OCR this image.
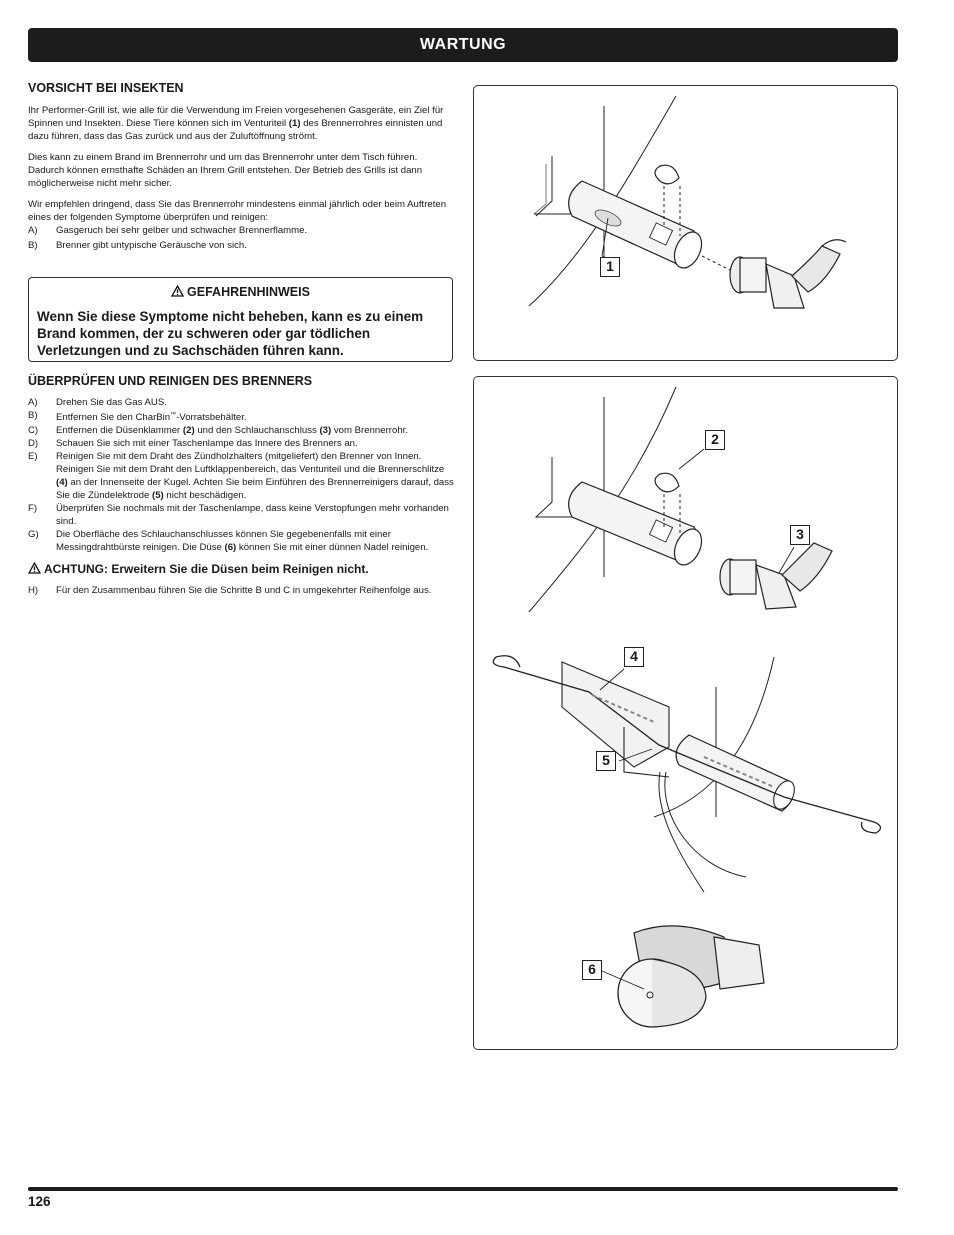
WARTUNG
VORSICHT BEI INSEKTEN

Ihr Performer-Grill ist, wie alle für die Verwendung im Freien vorgesehenen Gasgeräte, ein Ziel für Spinnen und Insekten. Diese Tiere können sich im Venturiteil (1) des Brennerrohres einnisten und dazu führen, dass das Gas zurück und aus der Zuluftöffnung strömt.

Dies kann zu einem Brand im Brennerrohr und um das Brennerrohr unter dem Tisch führen. Dadurch können ernsthafte Schäden an Ihrem Grill entstehen. Der Betrieb des Grills ist dann möglicherweise nicht mehr sicher.

Wir empfehlen dringend, dass Sie das Brennerrohr mindestens einmal jährlich oder beim Auftreten eines der folgenden Symptome überprüfen und reinigen:

A)	Gasgeruch bei sehr gelber und schwacher Brennerflamme.
B)	Brenner gibt untypische Geräusche von sich.
GEFAHRENHINWEIS
Wenn Sie diese Symptome nicht beheben, kann es zu einem Brand kommen, der zu schweren oder gar tödlichen Verletzungen und zu Sachschäden führen kann.
ÜBERPRÜFEN UND REINIGEN DES BRENNERS
A)	Drehen Sie das Gas AUS.
B)	Entfernen Sie den CharBin™-Vorratsbehälter.
C)	Entfernen die Düsenklammer (2) und den Schlauchanschluss (3) vom Brennerrohr.
D)	Schauen Sie sich mit einer Taschenlampe das Innere des Brenners an.
E)	Reinigen Sie mit dem Draht des Zündholzhalters (mitgeliefert) den Brenner von Innen.
Reinigen Sie mit dem Draht den Luftklappenbereich, das Venturiteil und die Brennerschlitze (4) an der Innenseite der Kugel. Achten Sie beim Einführen des Brennerreinigers darauf, dass Sie die Zündelektrode (5) nicht beschädigen.
F)	Überprüfen Sie nochmals mit der Taschenlampe, dass keine Verstopfungen mehr vorhanden sind.
G)	Die Oberfläche des Schlauchanschlusses können Sie gegebenenfalls mit einer Messingdrahtbürste reinigen. Die Düse (6) können Sie mit einer dünnen Nadel reinigen.
ACHTUNG: Erweitern Sie die Düsen beim Reinigen nicht.
H)	Für den Zusammenbau führen Sie die Schritte B und C in umgekehrter Reihenfolge aus.
1
2
3
4
5
6
126
